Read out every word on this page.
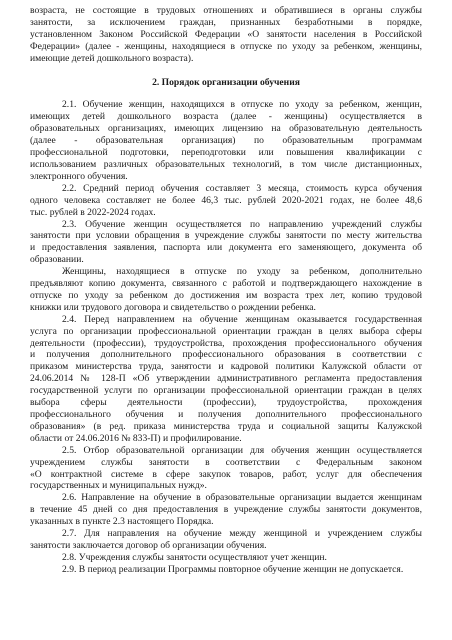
возраста, не состоящие в трудовых отношениях и обратившиеся в органы службы
занятости, за исключением граждан, признанных безработными в порядке,
установленном Законом Российской Федерации «О занятости населения в Российской
Федерации» (далее - женщины, находящиеся в отпуске по уходу за ребенком, женщины,
имеющие детей дошкольного возраста).
2. Порядок организации обучения
2.1. Обучение женщин, находящихся в отпуске по уходу за ребенком, женщин,
имеющих детей дошкольного возраста (далее - женщины) осуществляется в
образовательных организациях, имеющих лицензию на образовательную деятельность
(далее - образовательная организация) по образовательным программам
профессиональной подготовки, переподготовки или повышения квалификации с
использованием различных образовательных технологий, в том числе дистанционных,
электронного обучения.
2.2. Средний период обучения составляет 3 месяца, стоимость курса обучения
одного человека составляет не более 46,3 тыс. рублей 2020-2021 годах, не более 48,6
тыс. рублей в 2022-2024 годах.
2.3. Обучение женщин осуществляется по направлению учреждений службы
занятости при условии обращения в учреждение службы занятости по месту жительства
и предоставления заявления, паспорта или документа его заменяющего, документа об
образовании.
Женщины, находящиеся в отпуске по уходу за ребенком, дополнительно
предъявляют копию документа, связанного с работой и подтверждающего нахождение в
отпуске по уходу за ребенком до достижения им возраста трех лет, копию трудовой
книжки или трудового договора и свидетельство о рождении ребенка.
2.4. Перед направлением на обучение женщинам оказывается государственная
услуга по организации профессиональной ориентации граждан в целях выбора сферы
деятельности (профессии), трудоустройства, прохождения профессионального обучения
и получения дополнительного профессионального образования в соответствии с
приказом министерства труда, занятости и кадровой политики Калужской области от
24.06.2014 № 128-П «Об утверждении административного регламента предоставления
государственной услуги по организации профессиональной ориентации граждан в целях
выбора сферы деятельности (профессии), трудоустройства, прохождения
профессионального обучения и получения дополнительного профессионального
образования» (в ред. приказа министерства труда и социальной защиты Калужской
области от 24.06.2016 № 833-П) и профилирование.
2.5. Отбор образовательной организации для обучения женщин осуществляется
учреждением службы занятости в соответствии с Федеральным законом
«О контрактной системе в сфере закупок товаров, работ, услуг для обеспечения
государственных и муниципальных нужд».
2.6. Направление на обучение в образовательные организации выдается женщинам
в течение 45 дней со дня предоставления в учреждение службы занятости документов,
указанных в пункте 2.3 настоящего Порядка.
2.7. Для направления на обучение между женщиной и учреждением службы
занятости заключается договор об организации обучения.
2.8. Учреждения службы занятости осуществляют учет женщин.
2.9. В период реализации Программы повторное обучение женщин не допускается.
